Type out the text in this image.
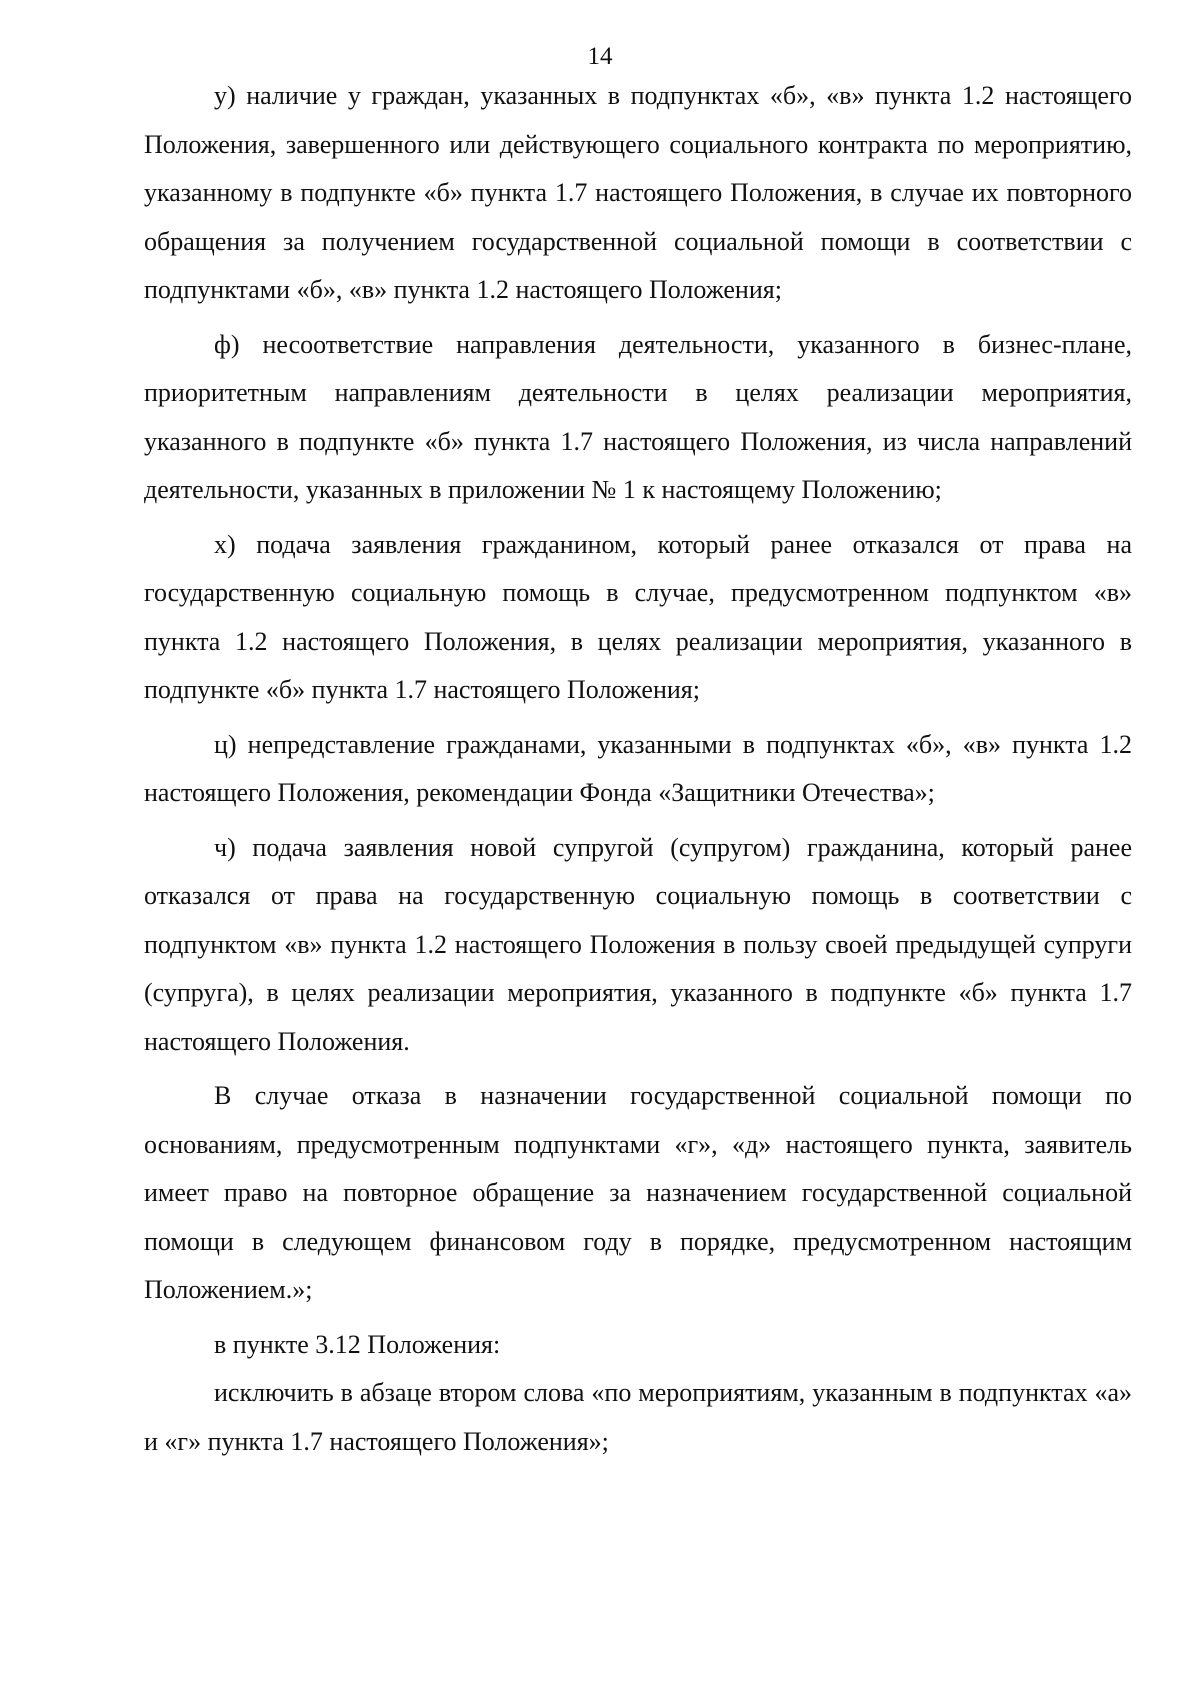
14

у) наличие у граждан, указанных в подпунктах «б», «в» пункта 1.2 настоящего Положения, завершенного или действующего социального контракта по мероприятию, указанному в подпункте «б» пункта 1.7 настоящего Положения, в случае их повторного обращения за получением государственной социальной помощи в соответствии с подпунктами «б», «в» пункта 1.2 настоящего Положения;

ф) несоответствие направления деятельности, указанного в бизнес-плане, приоритетным направлениям деятельности в целях реализации мероприятия, указанного в подпункте «б» пункта 1.7 настоящего Положения, из числа направлений деятельности, указанных в приложении № 1 к настоящему Положению;

х) подача заявления гражданином, который ранее отказался от права на государственную социальную помощь в случае, предусмотренном подпунктом «в» пункта 1.2 настоящего Положения, в целях реализации мероприятия, указанного в подпункте «б» пункта 1.7 настоящего Положения;

ц) непредставление гражданами, указанными в подпунктах «б», «в» пункта 1.2 настоящего Положения, рекомендации Фонда «Защитники Отечества»;

ч) подача заявления новой супругой (супругом) гражданина, который ранее отказался от права на государственную социальную помощь в соответствии с подпунктом «в» пункта 1.2 настоящего Положения в пользу своей предыдущей супруги (супруга), в целях реализации мероприятия, указанного в подпункте «б» пункта 1.7 настоящего Положения.

В случае отказа в назначении государственной социальной помощи по основаниям, предусмотренным подпунктами «г», «д» настоящего пункта, заявитель имеет право на повторное обращение за назначением государственной социальной помощи в следующем финансовом году в порядке, предусмотренном настоящим Положением.»;

в пункте 3.12 Положения:

исключить в абзаце втором слова «по мероприятиям, указанным в подпунктах «а» и «г» пункта 1.7 настоящего Положения»;
